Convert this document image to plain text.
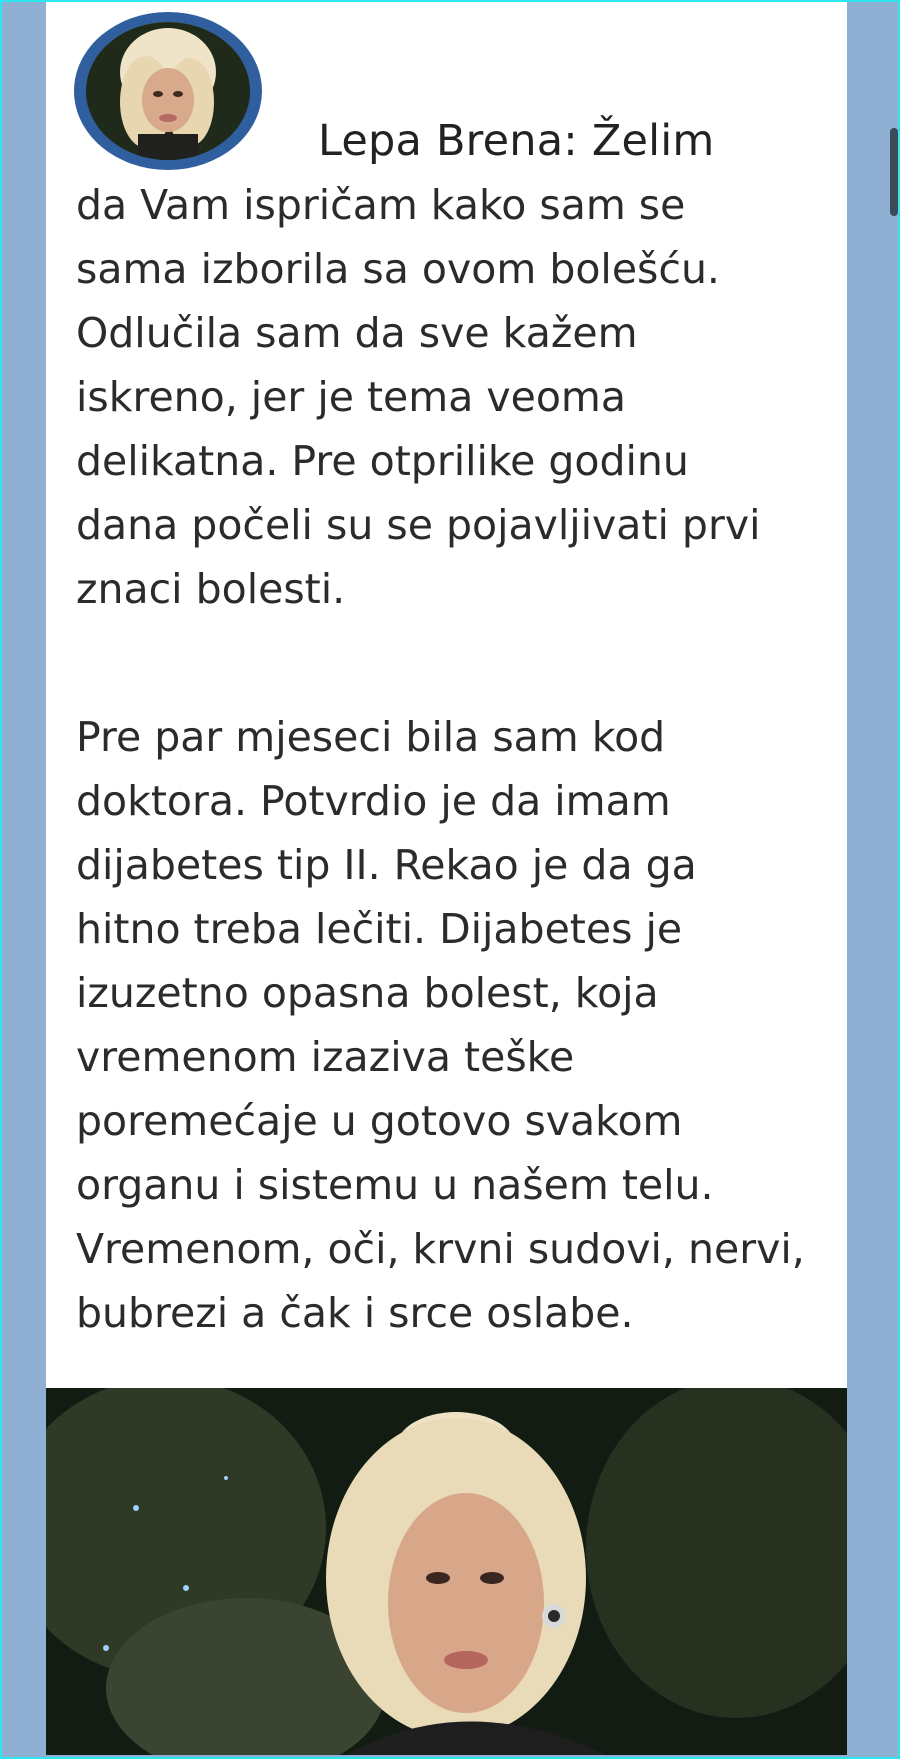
Lepa Brena: Želim
da Vam ispričam kako sam se
sama izborila sa ovom bolešću.
Odlučila sam da sve kažem
iskreno, jer je tema veoma
delikatna. Pre otprilike godinu
dana počeli su se pojavljivati prvi
znaci bolesti.
Pre par mjeseci bila sam kod
doktora. Potvrdio je da imam
dijabetes tip II. Rekao je da ga
hitno treba lečiti. Dijabetes je
izuzetno opasna bolest, koja
vremenom izaziva teške
poremećaje u gotovo svakom
organu i sistemu u našem telu.
Vremenom, oči, krvni sudovi, nervi,
bubrezi a čak i srce oslabe.
